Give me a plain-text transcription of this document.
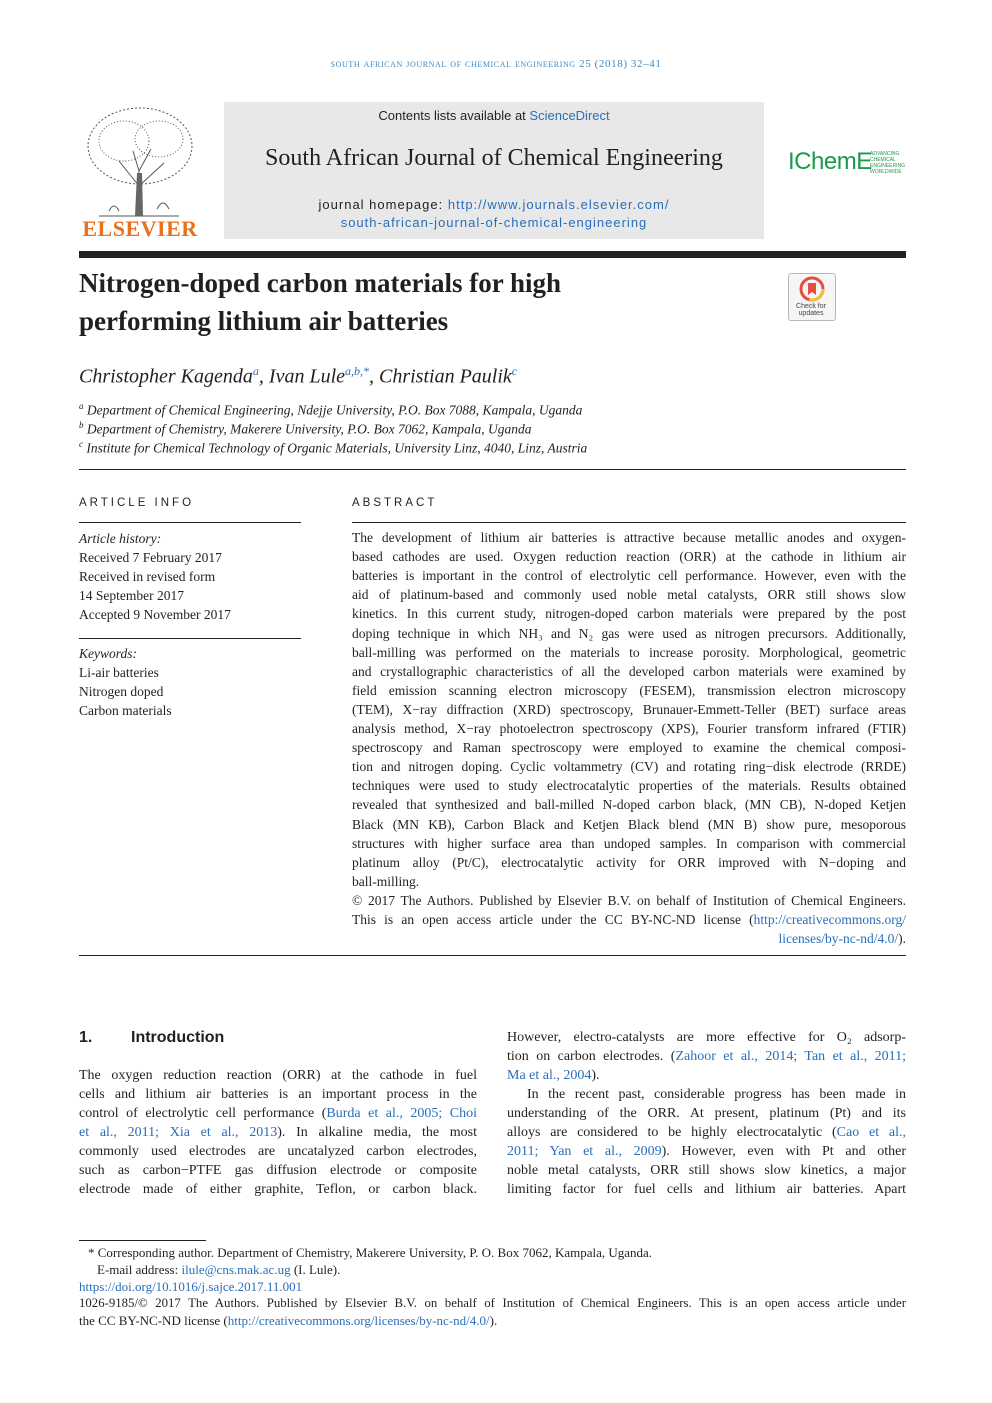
south african journal of chemical engineering 25 (2018) 32–41
ELSEVIER
Contents lists available at ScienceDirect
South African Journal of Chemical Engineering
journal homepage: http://www.journals.elsevier.com/
south-african-journal-of-chemical-engineering
IChemE
ADVANCING CHEMICAL ENGINEERING WORLDWIDE
Nitrogen-doped carbon materials for high
performing lithium air batteries	Check for updates
Christopher Kagenda$^a$, Ivan Lule$^{a,b,*}$, Christian Paulik$^c$
$^a$ Department of Chemical Engineering, Ndejje University, P.O. Box 7088, Kampala, Uganda
$^b$ Department of Chemistry, Makerere University, P.O. Box 7062, Kampala, Uganda
$^c$ Institute for Chemical Technology of Organic Materials, University Linz, 4040, Linz, Austria
ARTICLE INFO
Article history:
Received 7 February 2017
Received in revised form
14 September 2017
Accepted 9 November 2017
Keywords:
Li-air batteries
Nitrogen doped
Carbon materials
ABSTRACT
The development of lithium air batteries is attractive because metallic anodes and oxygen-
based cathodes are used. Oxygen reduction reaction (ORR) at the cathode in lithium air
batteries is important in the control of electrolytic cell performance. However, even with the
aid of platinum-based and commonly used noble metal catalysts, ORR still shows slow
kinetics. In this current study, nitrogen-doped carbon materials were prepared by the post
doping technique in which NH₃ and N₂ gas were used as nitrogen precursors. Additionally,
ball-milling was performed on the materials to increase porosity. Morphological, geometric
and crystallographic characteristics of all the developed carbon materials were examined by
field emission scanning electron microscopy (FESEM), transmission electron microscopy
(TEM), X−ray diffraction (XRD) spectroscopy, Brunauer-Emmett-Teller (BET) surface areas
analysis method, X−ray photoelectron spectroscopy (XPS), Fourier transform infrared (FTIR)
spectroscopy and Raman spectroscopy were employed to examine the chemical composi-
tion and nitrogen doping. Cyclic voltammetry (CV) and rotating ring−disk electrode (RRDE)
techniques were used to study electrocatalytic properties of the materials. Results obtained
revealed that synthesized and ball-milled N-doped carbon black, (MN CB), N-doped Ketjen
Black (MN KB), Carbon Black and Ketjen Black blend (MN B) show pure, mesoporous
structures with higher surface area than undoped samples. In comparison with commercial
platinum alloy (Pt/C), electrocatalytic activity for ORR improved with N−doping and
ball-milling.
© 2017 The Authors. Published by Elsevier B.V. on behalf of Institution of Chemical Engineers.
This is an open access article under the CC BY-NC-ND license (http://creativecommons.org/
licenses/by-nc-nd/4.0/).
1. Introduction
The oxygen reduction reaction (ORR) at the cathode in fuel
cells and lithium air batteries is an important process in the
control of electrolytic cell performance (Burda et al., 2005; Choi
et al., 2011; Xia et al., 2013). In alkaline media, the most
commonly used electrodes are uncatalyzed carbon electrodes,
such as carbon−PTFE gas diffusion electrode or composite
electrode made of either graphite, Teflon, or carbon black.
However, electro-catalysts are more effective for O₂ adsorp-
tion on carbon electrodes. (Zahoor et al., 2014; Tan et al., 2011;
Ma et al., 2004).
In the recent past, considerable progress has been made in
understanding of the ORR. At present, platinum (Pt) and its
alloys are considered to be highly electrocatalytic (Cao et al.,
2011; Yan et al., 2009). However, even with Pt and other
noble metal catalysts, ORR still shows slow kinetics, a major
limiting factor for fuel cells and lithium air batteries. Apart
* Corresponding author. Department of Chemistry, Makerere University, P. O. Box 7062, Kampala, Uganda.
E-mail address: ilule@cns.mak.ac.ug (I. Lule).
https://doi.org/10.1016/j.sajce.2017.11.001
1026-9185/© 2017 The Authors. Published by Elsevier B.V. on behalf of Institution of Chemical Engineers. This is an open access article under
the CC BY-NC-ND license (http://creativecommons.org/licenses/by-nc-nd/4.0/).
